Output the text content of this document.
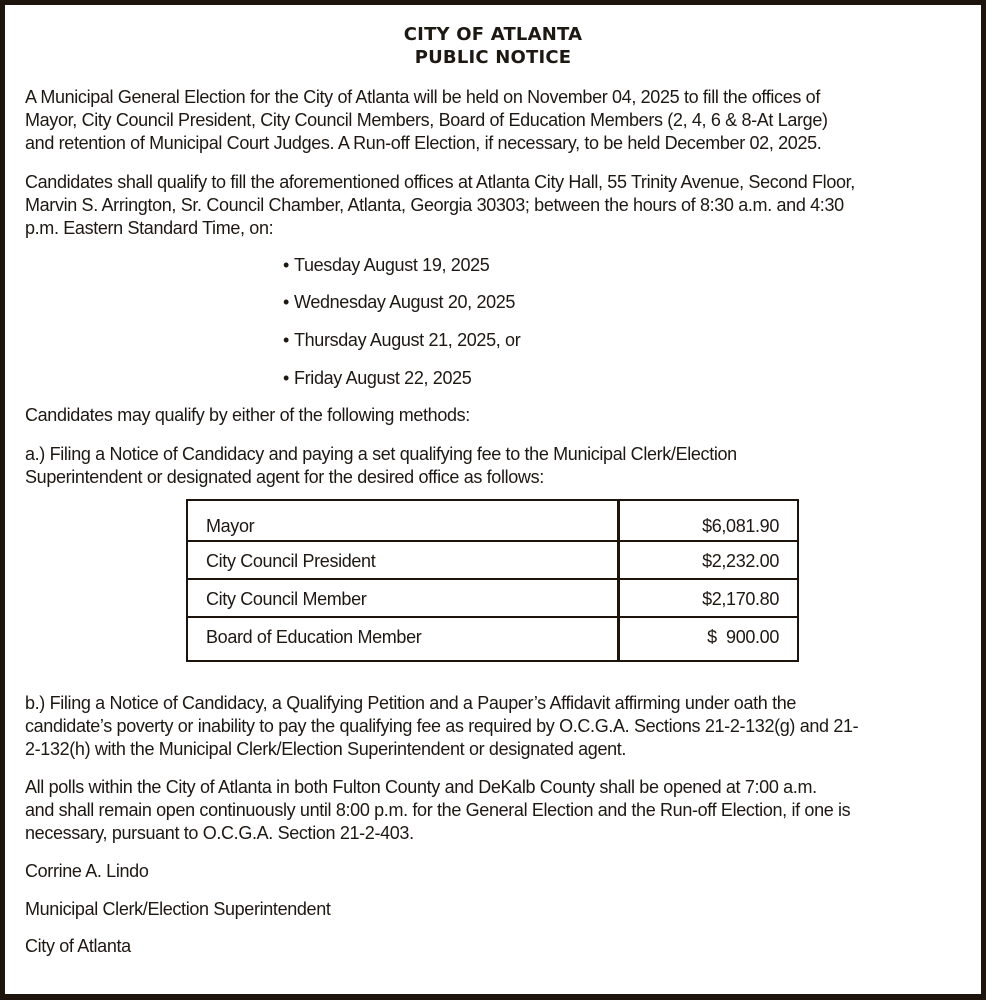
CITY OF ATLANTA
PUBLIC NOTICE
A Municipal General Election for the City of Atlanta will be held on November 04, 2025 to fill the offices of
Mayor, City Council President, City Council Members, Board of Education Members (2, 4, 6 & 8-At Large)
and retention of Municipal Court Judges. A Run-off Election, if necessary, to be held December 02, 2025.
Candidates shall qualify to fill the aforementioned offices at Atlanta City Hall, 55 Trinity Avenue, Second Floor,
Marvin S. Arrington, Sr. Council Chamber, Atlanta, Georgia 30303; between the hours of 8:30 a.m. and 4:30
p.m. Eastern Standard Time, on:
• Tuesday August 19, 2025
• Wednesday August 20, 2025
• Thursday August 21, 2025, or
• Friday August 22, 2025
Candidates may qualify by either of the following methods:
a.) Filing a Notice of Candidacy and paying a set qualifying fee to the Municipal Clerk/Election
Superintendent or designated agent for the desired office as follows:
Mayor	$6,081.90
City Council President	$2,232.00
City Council Member	$2,170.80
Board of Education Member	$  900.00
b.) Filing a Notice of Candidacy, a Qualifying Petition and a Pauper’s Affidavit affirming under oath the
candidate’s poverty or inability to pay the qualifying fee as required by O.C.G.A. Sections 21-2-132(g) and 21-
2-132(h) with the Municipal Clerk/Election Superintendent or designated agent.
All polls within the City of Atlanta in both Fulton County and DeKalb County shall be opened at 7:00 a.m.
and shall remain open continuously until 8:00 p.m. for the General Election and the Run-off Election, if one is
necessary, pursuant to O.C.G.A. Section 21-2-403.
Corrine A. Lindo
Municipal Clerk/Election Superintendent
City of Atlanta
